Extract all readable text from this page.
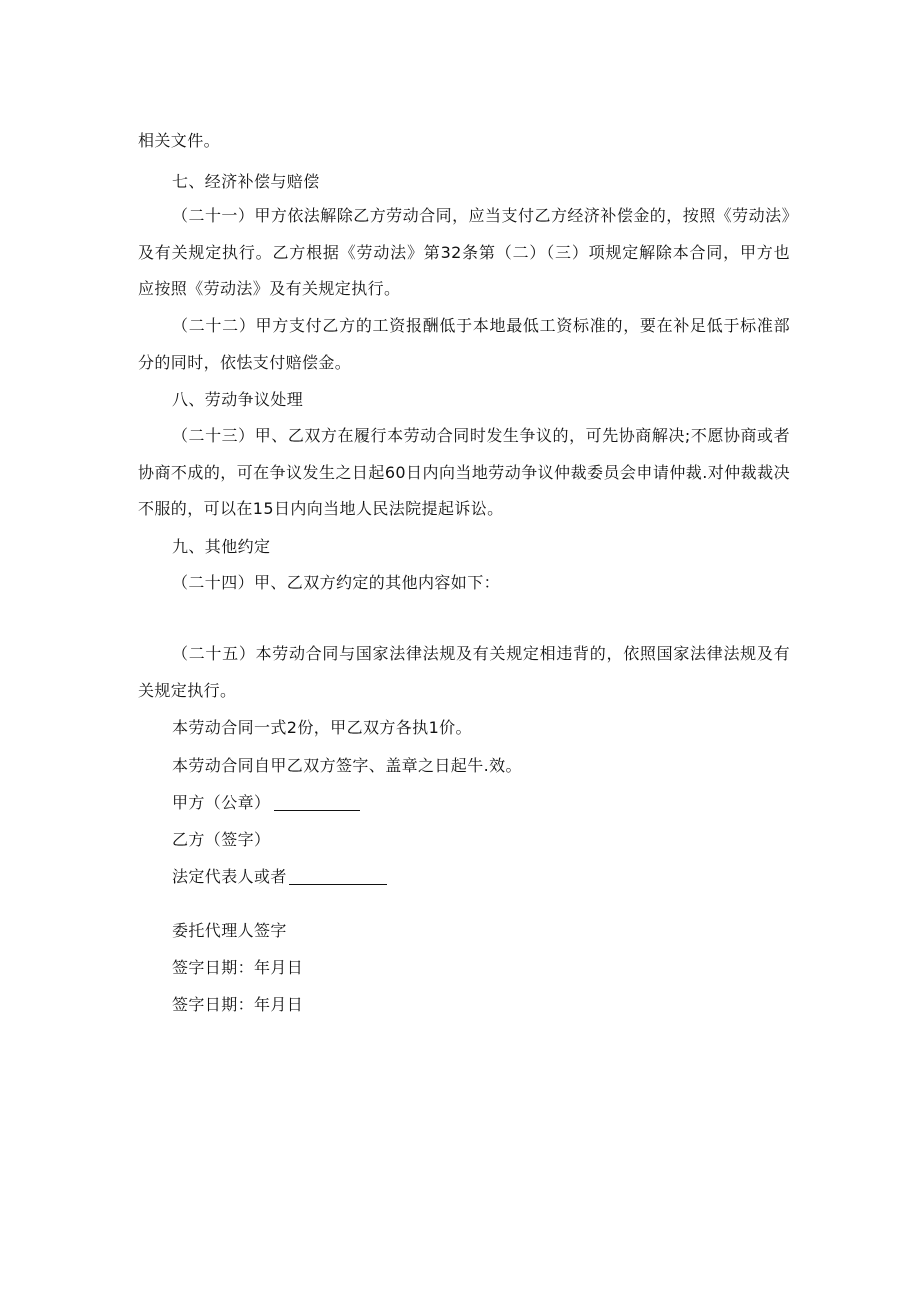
相关文件。
七、经济补偿与赔偿
（二十一）甲方依法解除乙方劳动合同，应当支付乙方经济补偿金的，按照《劳动法》及有关规定执行。乙方根据《劳动法》第32条第（二）（三）项规定解除本合同，甲方也应按照《劳动法》及有关规定执行。
（二十二）甲方支付乙方的工资报酬低于本地最低工资标准的，要在补足低于标准部分的同时，依怯支付赔偿金。
八、劳动争议处理
（二十三）甲、乙双方在履行本劳动合同时发生争议的，可先协商解决;不愿协商或者协商不成的，可在争议发生之日起60日内向当地劳动争议仲裁委员会申请仲裁.对仲裁裁决不服的，可以在15日内向当地人民法院提起诉讼。
九、其他约定
（二十四）甲、乙双方约定的其他内容如下：
（二十五）本劳动合同与国家法律法规及有关规定相违背的，依照国家法律法规及有关规定执行。
本劳动合同一式2份，甲乙双方各执1价。
本劳动合同自甲乙双方签字、盖章之日起牛.效。
甲方（公章）
乙方（签字）
法定代表人或者
委托代理人签字
签字日期：年月日
签字日期：年月日
